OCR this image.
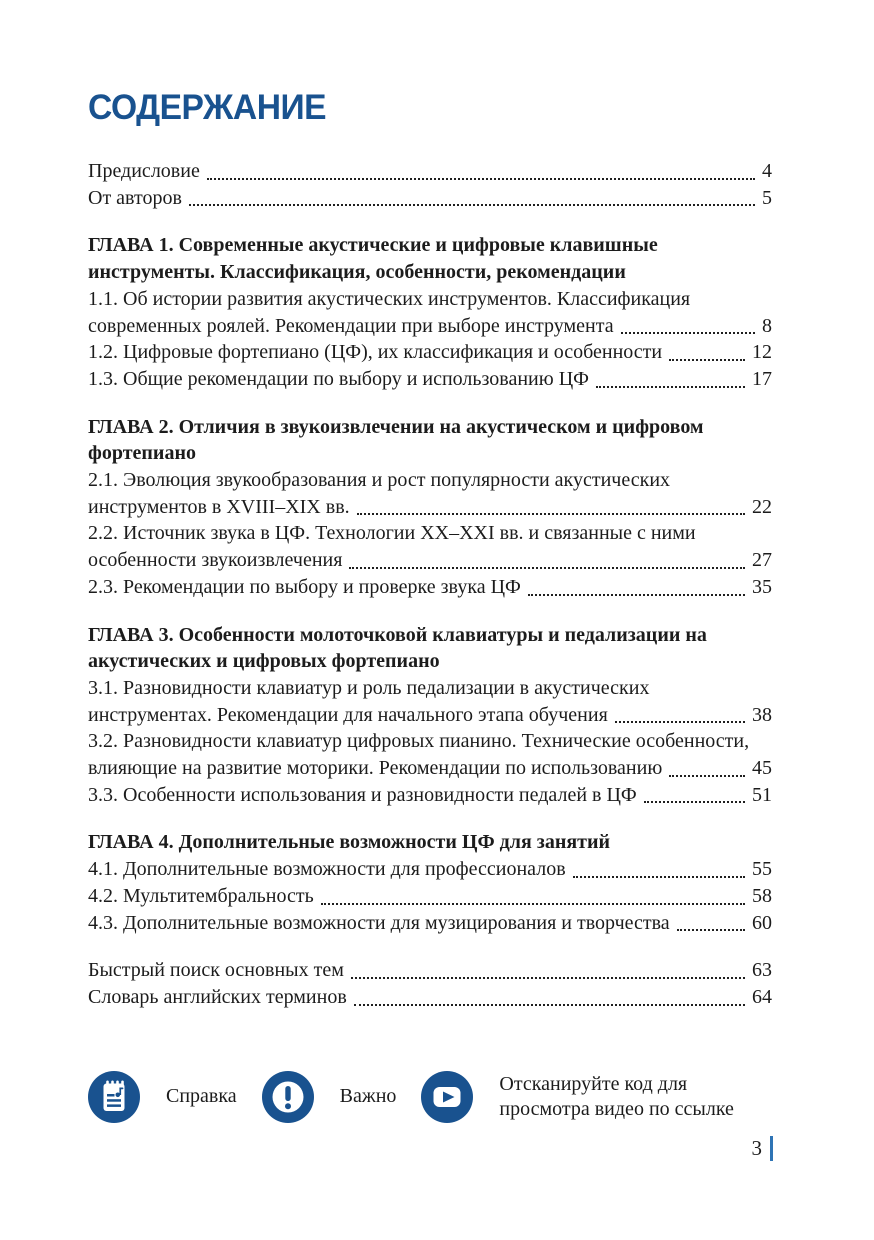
СОДЕРЖАНИЕ
Предисловие	4
От авторов	5
ГЛАВА 1. Современные акустические и цифровые клавишные
инструменты. Классификация, особенности, рекомендации
1.1. Об истории развития акустических инструментов. Классификация
современных роялей. Рекомендации при выборе инструмента	8
1.2. Цифровые фортепиано (ЦФ), их классификация и особенности	12
1.3. Общие рекомендации по выбору и использованию ЦФ	17
ГЛАВА 2. Отличия в звукоизвлечении на акустическом и цифровом
фортепиано
2.1. Эволюция звукообразования и рост популярности акустических
инструментов в XVIII–XIX вв.	22
2.2. Источник звука в ЦФ. Технологии XX–XXI вв. и связанные с ними
особенности звукоизвлечения	27
2.3. Рекомендации по выбору и проверке звука ЦФ	35
ГЛАВА 3. Особенности молоточковой клавиатуры и педализации на
акустических и цифровых фортепиано
3.1. Разновидности клавиатур и роль педализации в акустических
инструментах. Рекомендации для начального этапа обучения	38
3.2. Разновидности клавиатур цифровых пианино. Технические особенности,
влияющие на развитие моторики. Рекомендации по использованию	45
3.3. Особенности использования и разновидности педалей в ЦФ	51
ГЛАВА 4. Дополнительные возможности ЦФ для занятий
4.1. Дополнительные возможности для профессионалов	55
4.2. Мультитембральность	58
4.3. Дополнительные возможности для музицирования и творчества	60
Быстрый поиск основных тем	63
Словарь английских терминов	64
Справка	Важно
Отсканируйте код для просмотра видео по ссылке
3
